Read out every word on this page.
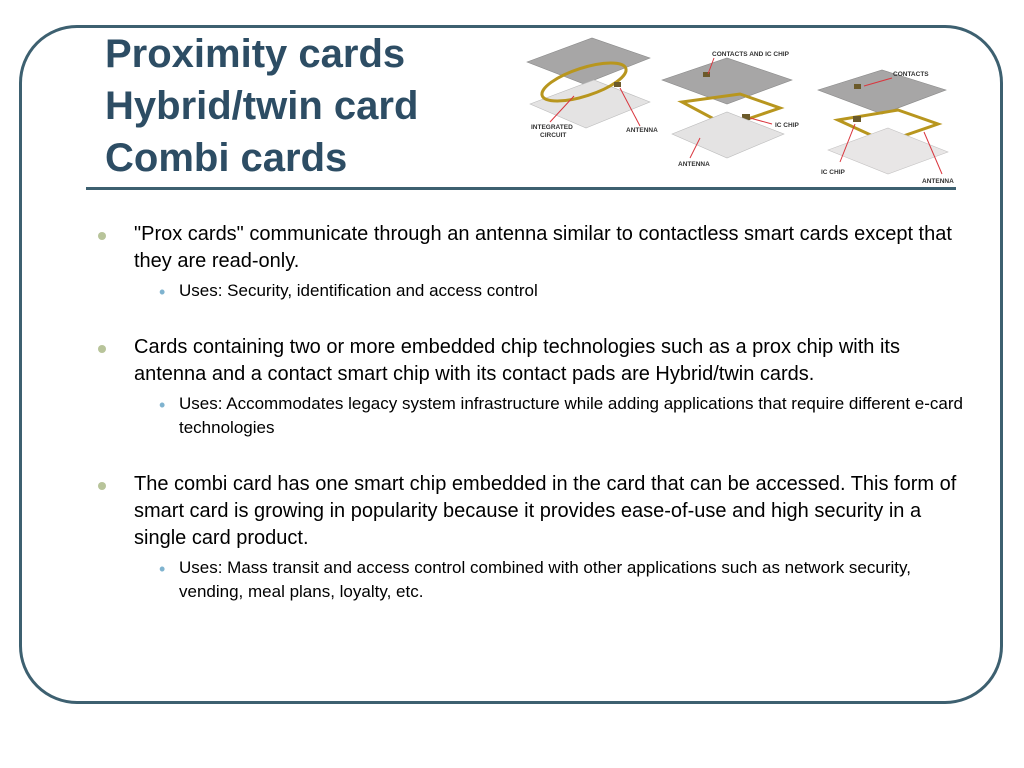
Proximity cards
Hybrid/twin card
Combi cards
INTEGRATED
CIRCUIT
ANTENNA
CONTACTS AND IC CHIP
IC CHIP
ANTENNA
CONTACTS
IC CHIP
ANTENNA
"Prox cards" communicate through an antenna similar to contactless smart cards except that they are read-only.
• Uses: Security, identification and access control
Cards containing two or more embedded chip technologies such as a prox chip with its antenna and a contact smart chip with its contact pads are Hybrid/twin cards.
• Uses: Accommodates legacy system infrastructure while adding applications that require different e-card technologies
The combi card has one smart chip embedded in the card that can be accessed. This form of smart card is growing in popularity because it provides ease-of-use and high security in a single card product.
• Uses: Mass transit and access control combined with other applications such as network security, vending, meal plans, loyalty, etc.
